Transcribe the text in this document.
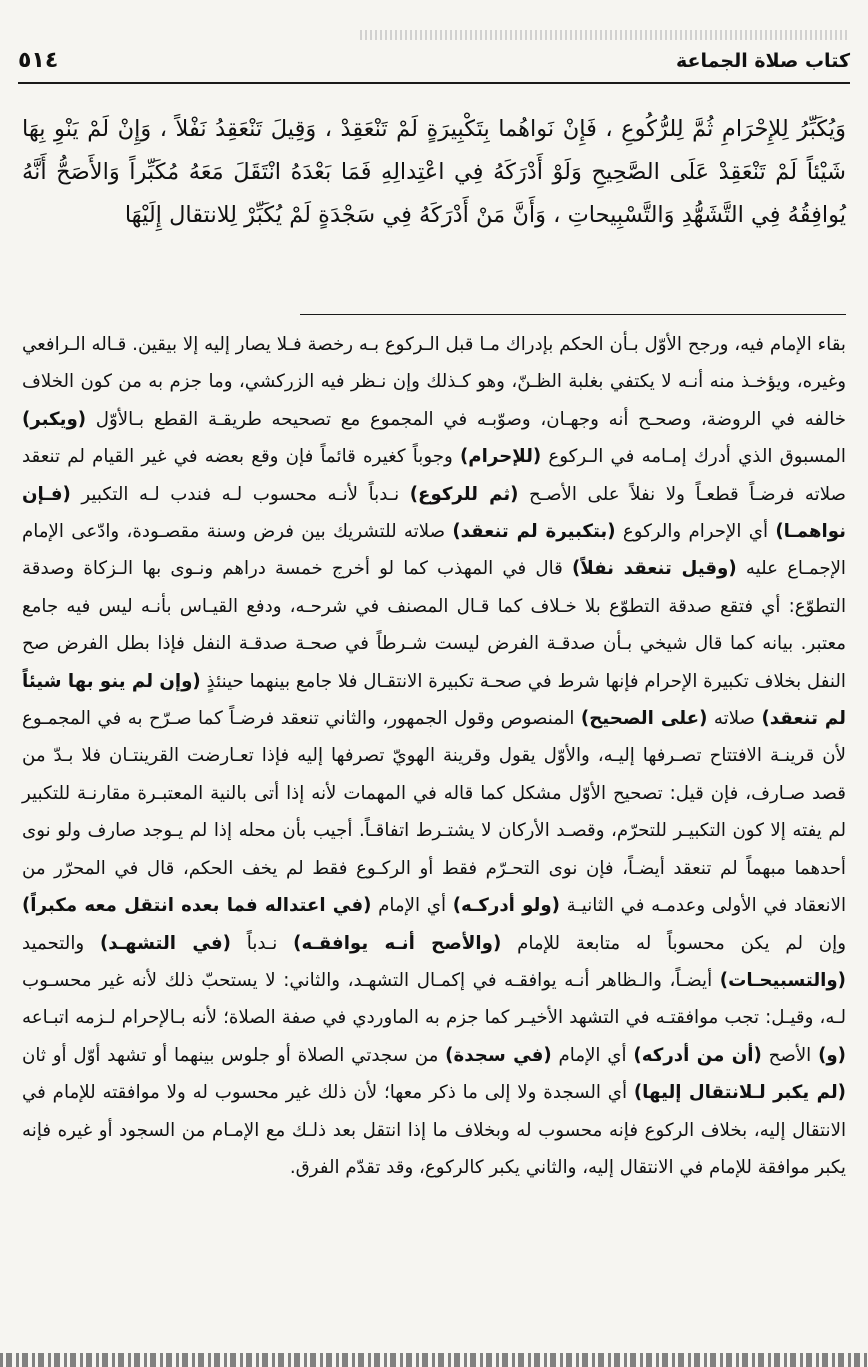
كتاب صلاة الجماعة
٥١٤

وَيُكَبِّرُ لِلإِحْرَامِ ثُمَّ لِلرُّكُوعِ ، فَإِنْ نَواهُما بِتَكْبِيرَةٍ لَمْ تَنْعَقِدْ ، وَقِيلَ تَنْعَقِدُ نَفْلاً ، وَإِنْ لَمْ يَنْوِ بِهَا شَيْئاً لَمْ تَنْعَقِدْ عَلَى الصَّحِيحِ وَلَوْ أَدْرَكَهُ فِي اعْتِدالِهِ فَمَا بَعْدَهُ انْتَقَلَ مَعَهُ مُكَبِّراً وَالأَصَحُّ أَنَّهُ يُوافِقُهُ فِي التَّشَهُّدِ وَالتَّسْبِيحاتِ ، وَأَنَّ مَنْ أَدْرَكَهُ فِي سَجْدَةٍ لَمْ يُكَبِّرْ لِلانتقال إِلَيْهَا

بقاء الإمام فيه، ورجح الأوّل بـأن الحكم بإدراك مـا قبل الـركوع بـه رخصة فـلا يصار إليه إلا بيقين. قـاله الـرافعي وغيره، ويؤخـذ منه أنـه لا يكتفي بغلبة الظـنّ، وهو كـذلك وإن نـظر فيه الزركشي، وما جزم به من كون الخلاف خالفه في الروضة، وصحـح أنه وجهـان، وصوّبـه في المجموع مع تصحيحه طريقـة القطع بـالأوّل (ويكبر) المسبوق الذي أدرك إمـامه في الـركوع (للإحرام) وجوباً كغيره قائماً فإن وقع بعضه في غير القيام لم تنعقد صلاته فرضـاً قطعـاً ولا نفلاً على الأصـح (ثم للركوع) نـدباً لأنـه محسوب لـه فندب لـه التكبير (فـإن نواهمـا) أي الإحرام والركوع (بتكبيرة لم تنعقد) صلاته للتشريك بين فرض وسنة مقصـودة، وادّعى الإمام الإجمـاع عليه (وقيل تنعقد نفلاً) قال في المهذب كما لو أخرج خمسة دراهم ونـوى بها الـزكاة وصدقة التطوّع: أي فتقع صدقة التطوّع بلا خـلاف كما قـال المصنف في شرحـه، ودفع القيـاس بأنـه ليس فيه جامع معتبر. بيانه كما قال شيخي بـأن صدقـة الفرض ليست شـرطاً في صحـة صدقـة النفل فإذا بطل الفرض صح النفل بخلاف تكبيرة الإحرام فإنها شرط في صحـة تكبيرة الانتقـال فلا جامع بينهما حينئذٍ (وإن لم ينو بها شيئاً لم تنعقد) صلاته (على الصحيح) المنصوص وقول الجمهور، والثاني تنعقد فرضـاً كما صـرّح به في المجمـوع لأن قرينـة الافتتاح تصـرفها إليـه، والأوّل يقول وقرينة الهويّ تصرفها إليه فإذا تعـارضت القرينتـان فلا بـدّ من قصد صـارف، فإن قيل: تصحيح الأوّل مشكل كما قاله في المهمات لأنه إذا أتى بالنية المعتبـرة مقارنـة للتكبير لم يفته إلا كون التكبيـر للتحرّم، وقصـد الأركان لا يشتـرط اتفاقـاً. أجيب بأن محله إذا لم يـوجد صارف ولو نوى أحدهما مبهماً لم تنعقد أيضـاً، فإن نوى التحـرّم فقط أو الركـوع فقط لم يخف الحكم، قال في المحرّر من الانعقاد في الأولى وعدمـه في الثانيـة (ولو أدركـه) أي الإمام (في اعتداله فما بعده انتقل معه مكبراً) وإن لم يكن محسوباً له متابعة للإمام (والأصح أنـه يوافقـه) نـدباً (في التشهـد) والتحميد (والتسبيحـات) أيضـاً، والـظاهر أنـه يوافقـه في إكمـال التشهـد، والثاني: لا يستحبّ ذلك لأنه غير محسـوب لـه، وقيـل: تجب موافقتـه في التشهد الأخيـر كما جزم به الماوردي في صفة الصلاة؛ لأنه بـالإحرام لـزمه اتبـاعه (و) الأصح (أن من أدركه) أي الإمام (في سجدة) من سجدتي الصلاة أو جلوس بينهما أو تشهد أوّل أو ثان (لم يكبر لـلانتقال إليها) أي السجدة ولا إلى ما ذكر معها؛ لأن ذلك غير محسوب له ولا موافقته للإمام في الانتقال إليه، بخلاف الركوع فإنه محسوب له وبخلاف ما إذا انتقل بعد ذلـك مع الإمـام من السجود أو غيره فإنه يكبر موافقة للإمام في الانتقال إليه، والثاني يكبر كالركوع، وقد تقدّم الفرق.
